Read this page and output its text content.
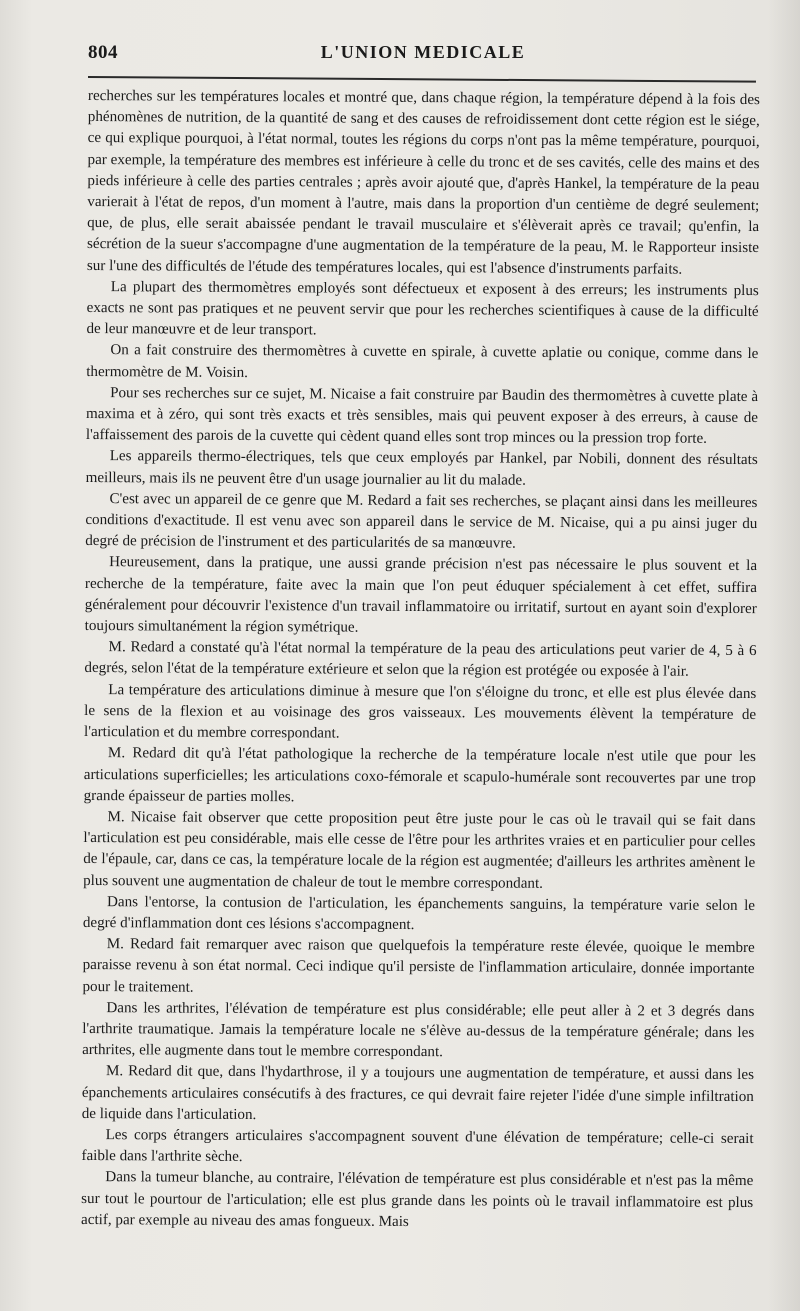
804	L'UNION MEDICALE

recherches sur les températures locales et montré que, dans chaque région, la température dépend à la fois des phénomènes de nutrition, de la quantité de sang et des causes de refroidissement dont cette région est le siége, ce qui explique pourquoi, à l'état normal, toutes les régions du corps n'ont pas la même température, pourquoi, par exemple, la température des membres est inférieure à celle du tronc et de ses cavités, celle des mains et des pieds inférieure à celle des parties centrales ; après avoir ajouté que, d'après Hankel, la température de la peau varierait à l'état de repos, d'un moment à l'autre, mais dans la proportion d'un centième de degré seulement; que, de plus, elle serait abaissée pendant le travail musculaire et s'élèverait après ce travail; qu'enfin, la sécrétion de la sueur s'accompagne d'une augmentation de la température de la peau, M. le Rapporteur insiste sur l'une des difficultés de l'étude des températures locales, qui est l'absence d'instruments parfaits.

La plupart des thermomètres employés sont défectueux et exposent à des erreurs; les instruments plus exacts ne sont pas pratiques et ne peuvent servir que pour les recherches scientifiques à cause de la difficulté de leur manœuvre et de leur transport.

On a fait construire des thermomètres à cuvette en spirale, à cuvette aplatie ou conique, comme dans le thermomètre de M. Voisin.

Pour ses recherches sur ce sujet, M. Nicaise a fait construire par Baudin des thermomètres à cuvette plate à maxima et à zéro, qui sont très exacts et très sensibles, mais qui peuvent exposer à des erreurs, à cause de l'affaissement des parois de la cuvette qui cèdent quand elles sont trop minces ou la pression trop forte.

Les appareils thermo-électriques, tels que ceux employés par Hankel, par Nobili, donnent des résultats meilleurs, mais ils ne peuvent être d'un usage journalier au lit du malade.

C'est avec un appareil de ce genre que M. Redard a fait ses recherches, se plaçant ainsi dans les meilleures conditions d'exactitude. Il est venu avec son appareil dans le service de M. Nicaise, qui a pu ainsi juger du degré de précision de l'instrument et des particularités de sa manœuvre.

Heureusement, dans la pratique, une aussi grande précision n'est pas nécessaire le plus souvent et la recherche de la température, faite avec la main que l'on peut éduquer spécialement à cet effet, suffira généralement pour découvrir l'existence d'un travail inflammatoire ou irritatif, surtout en ayant soin d'explorer toujours simultanément la région symétrique.

M. Redard a constaté qu'à l'état normal la température de la peau des articulations peut varier de 4, 5 à 6 degrés, selon l'état de la température extérieure et selon que la région est protégée ou exposée à l'air.

La température des articulations diminue à mesure que l'on s'éloigne du tronc, et elle est plus élevée dans le sens de la flexion et au voisinage des gros vaisseaux. Les mouvements élèvent la température de l'articulation et du membre correspondant.

M. Redard dit qu'à l'état pathologique la recherche de la température locale n'est utile que pour les articulations superficielles; les articulations coxo-fémorale et scapulo-humérale sont recouvertes par une trop grande épaisseur de parties molles.

M. Nicaise fait observer que cette proposition peut être juste pour le cas où le travail qui se fait dans l'articulation est peu considérable, mais elle cesse de l'être pour les arthrites vraies et en particulier pour celles de l'épaule, car, dans ce cas, la température locale de la région est augmentée; d'ailleurs les arthrites amènent le plus souvent une augmentation de chaleur de tout le membre correspondant.

Dans l'entorse, la contusion de l'articulation, les épanchements sanguins, la température varie selon le degré d'inflammation dont ces lésions s'accompagnent.

M. Redard fait remarquer avec raison que quelquefois la température reste élevée, quoique le membre paraisse revenu à son état normal. Ceci indique qu'il persiste de l'inflammation articulaire, donnée importante pour le traitement.

Dans les arthrites, l'élévation de température est plus considérable; elle peut aller à 2 et 3 degrés dans l'arthrite traumatique. Jamais la température locale ne s'élève au-dessus de la température générale; dans les arthrites, elle augmente dans tout le membre correspondant.

M. Redard dit que, dans l'hydarthrose, il y a toujours une augmentation de température, et aussi dans les épanchements articulaires consécutifs à des fractures, ce qui devrait faire rejeter l'idée d'une simple infiltration de liquide dans l'articulation.

Les corps étrangers articulaires s'accompagnent souvent d'une élévation de température; celle-ci serait faible dans l'arthrite sèche.

Dans la tumeur blanche, au contraire, l'élévation de température est plus considérable et n'est pas la même sur tout le pourtour de l'articulation; elle est plus grande dans les points où le travail inflammatoire est plus actif, par exemple au niveau des amas fongueux. Mais
